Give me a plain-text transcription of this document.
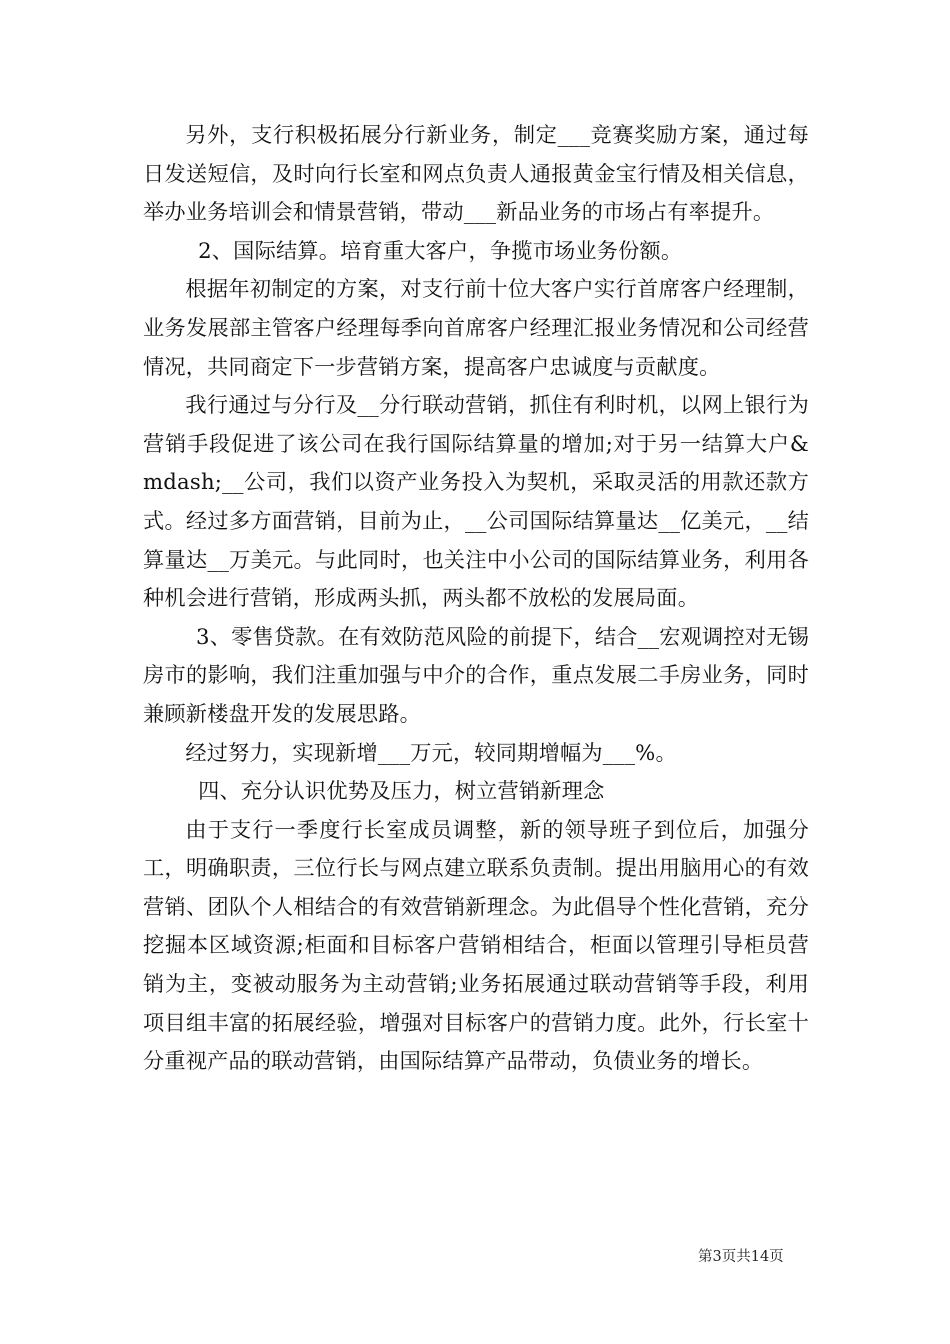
另外，支行积极拓展分行新业务，制定___竞赛奖励方案，通过每日发送短信，及时向行长室和网点负责人通报黄金宝行情及相关信息，举办业务培训会和情景营销，带动___新品业务的市场占有率提升。

2、国际结算。培育重大客户，争揽市场业务份额。

根据年初制定的方案，对支行前十位大客户实行首席客户经理制，业务发展部主管客户经理每季向首席客户经理汇报业务情况和公司经营情况，共同商定下一步营销方案，提高客户忠诚度与贡献度。

我行通过与分行及__分行联动营销，抓住有利时机，以网上银行为营销手段促进了该公司在我行国际结算量的增加;对于另一结算大户&mdash;__公司，我们以资产业务投入为契机，采取灵活的用款还款方式。经过多方面营销，目前为止，__公司国际结算量达__亿美元，__结算量达__万美元。与此同时，也关注中小公司的国际结算业务，利用各种机会进行营销，形成两头抓，两头都不放松的发展局面。

3、零售贷款。在有效防范风险的前提下，结合__宏观调控对无锡房市的影响，我们注重加强与中介的合作，重点发展二手房业务，同时兼顾新楼盘开发的发展思路。

经过努力，实现新增___万元，较同期增幅为___%。

四、充分认识优势及压力，树立营销新理念

由于支行一季度行长室成员调整，新的领导班子到位后，加强分工，明确职责，三位行长与网点建立联系负责制。提出用脑用心的有效营销、团队个人相结合的有效营销新理念。为此倡导个性化营销，充分挖掘本区域资源;柜面和目标客户营销相结合，柜面以管理引导柜员营销为主，变被动服务为主动营销;业务拓展通过联动营销等手段，利用项目组丰富的拓展经验，增强对目标客户的营销力度。此外，行长室十分重视产品的联动营销，由国际结算产品带动，负债业务的增长。

第3页共14页
